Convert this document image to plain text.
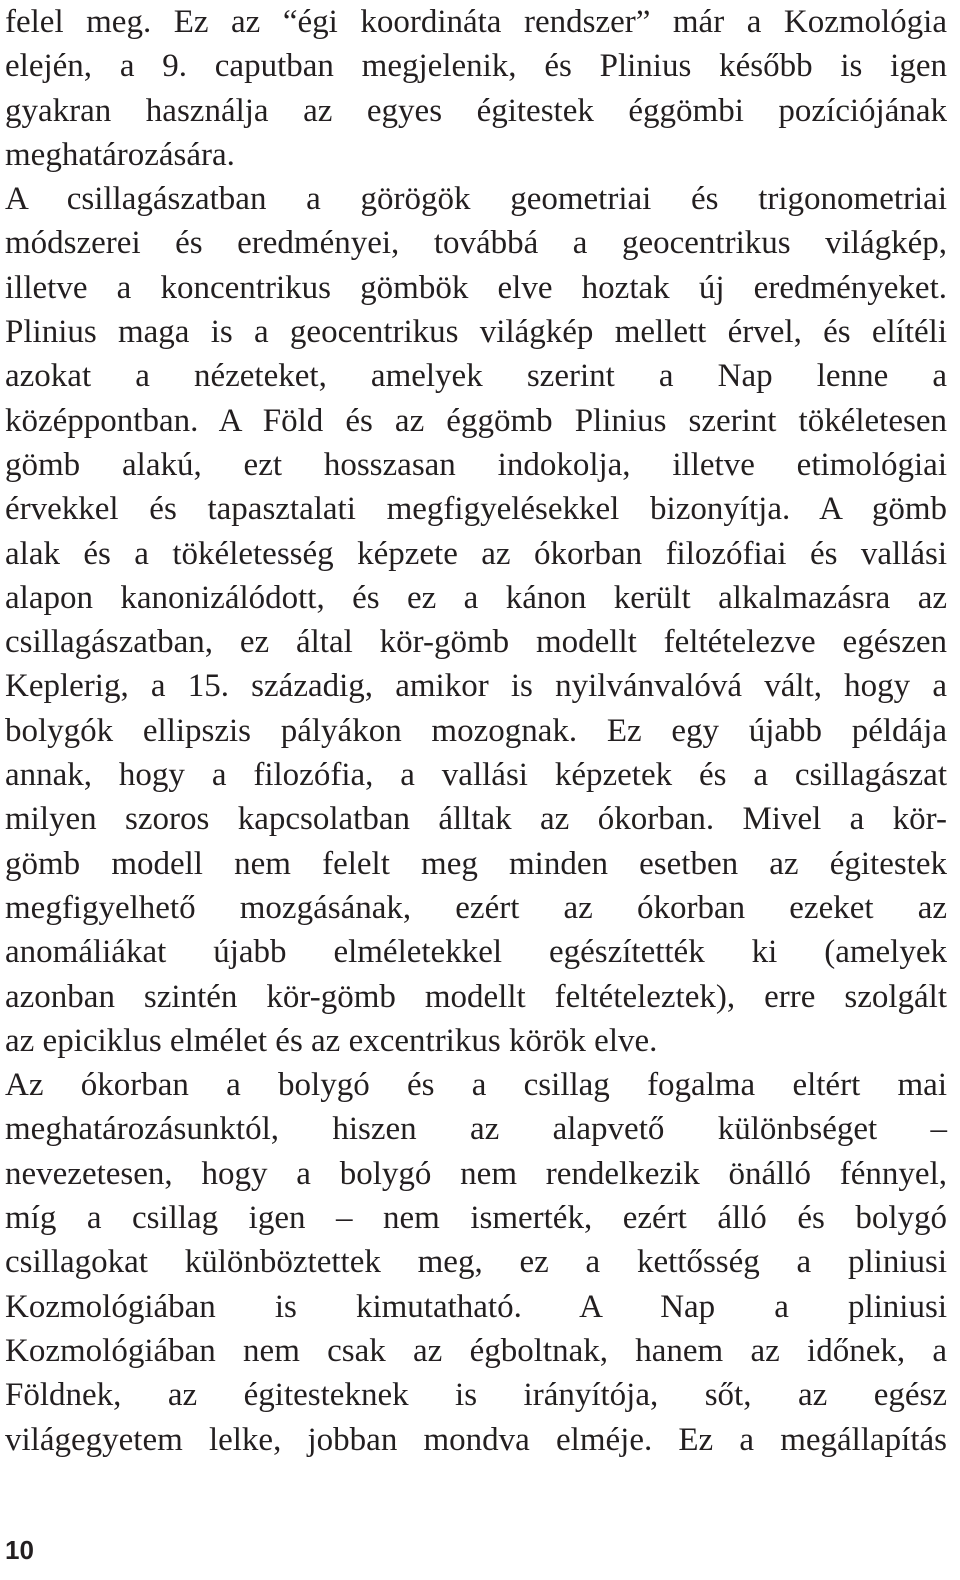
felel meg. Ez az “égi koordináta rendszer” már a Kozmológia
elején, a 9. caputban megjelenik, és Plinius később is igen
gyakran használja az egyes égitestek éggömbi pozíciójának
meghatározására.

A csillagászatban a görögök geometriai és trigonometriai
módszerei és eredményei, továbbá a geocentrikus világkép,
illetve a koncentrikus gömbök elve hoztak új eredményeket.
Plinius maga is a geocentrikus világkép mellett érvel, és elítéli
azokat a nézeteket, amelyek szerint a Nap lenne a
középpontban. A Föld és az éggömb Plinius szerint tökéletesen
gömb alakú, ezt hosszasan indokolja, illetve etimológiai
érvekkel és tapasztalati megfigyelésekkel bizonyítja. A gömb
alak és a tökéletesség képzete az ókorban filozófiai és vallási
alapon kanonizálódott, és ez a kánon került alkalmazásra az
csillagászatban, ez által kör-gömb modellt feltételezve egészen
Keplerig, a 15. századig, amikor is nyilvánvalóvá vált, hogy a
bolygók ellipszis pályákon mozognak. Ez egy újabb példája
annak, hogy a filozófia, a vallási képzetek és a csillagászat
milyen szoros kapcsolatban álltak az ókorban. Mivel a kör-
gömb modell nem felelt meg minden esetben az égitestek
megfigyelhető mozgásának, ezért az ókorban ezeket az
anomáliákat újabb elméletekkel egészítették ki (amelyek
azonban szintén kör-gömb modellt feltételeztek), erre szolgált
az epiciklus elmélet és az excentrikus körök elve.

Az ókorban a bolygó és a csillag fogalma eltért mai
meghatározásunktól, hiszen az alapvető különbséget –
nevezetesen, hogy a bolygó nem rendelkezik önálló fénnyel,
míg a csillag igen – nem ismerték, ezért álló és bolygó
csillagokat különböztettek meg, ez a kettősség a pliniusi
Kozmológiában is kimutatható. A Nap a pliniusi
Kozmológiában nem csak az égboltnak, hanem az időnek, a
Földnek, az égitesteknek is irányítója, sőt, az egész
világegyetem lelke, jobban mondva elméje. Ez a megállapítás

10
